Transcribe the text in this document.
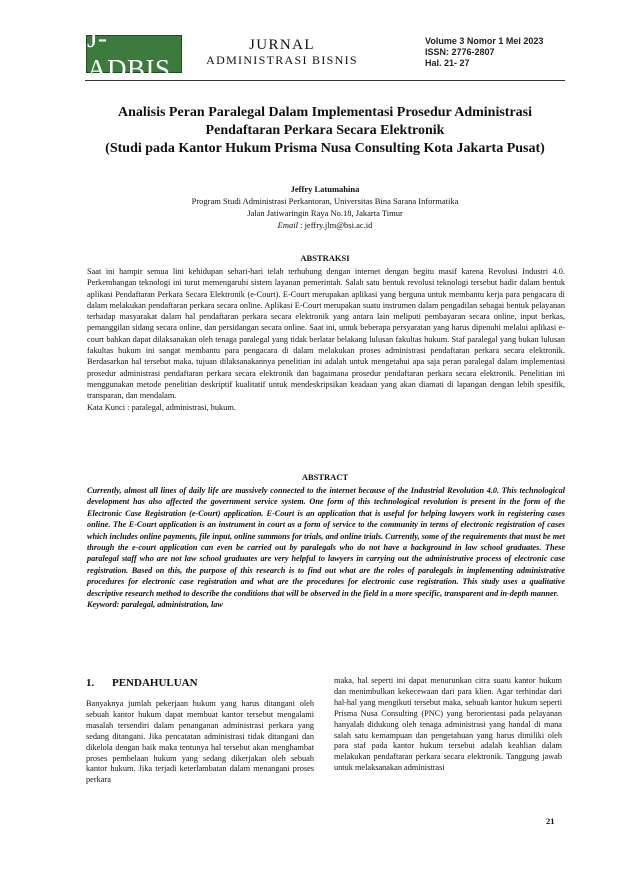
J-ADBIS
JURNAL
ADMINISTRASI BISNIS
Volume 3 Nomor 1 Mei 2023
ISSN: 2776-2807
Hal. 21- 27
Analisis Peran Paralegal Dalam Implementasi Prosedur Administrasi
Pendaftaran Perkara Secara Elektronik
(Studi pada Kantor Hukum Prisma Nusa Consulting Kota Jakarta Pusat)
Jeffry Latumahina
Program Studi Administrasi Perkantoran, Universitas Bina Sarana Informatika
Jalan Jatiwaringin Raya No.18, Jakarta Timur
Email : jeffry.jlm@bsi.ac.id
ABSTRAKSI

Saat ini hampir semua lini kehidupan sehari-hari telah terhubung dengan internet dengan begitu masif karena Revolusi Industri 4.0. Perkembangan teknologi ini turut memengaruhi sistem layanan pemerintah. Salah satu bentuk revolusi teknologi tersebut hadir dalam bentuk aplikasi Pendaftaran Perkara Secara Elektronik (e-Court). E-Court merupakan aplikasi yang berguna untuk membantu kerja para pengacara di dalam melakukan pendaftaran perkara secara online. Aplikasi E-Court merupakan suatu instrumen dalam pengadilan sebagai bentuk pelayanan terhadap masyarakat dalam hal pendaftaran perkara secara elektronik yang antara lain meliputi pembayaran secara online, input berkas, pemanggilan sidang secara online, dan persidangan secara online. Saat ini, untuk beberapa persyaratan yang harus dipenuhi melalui aplikasi e-court bahkan dapat dilaksanakan oleh tenaga paralegal yang tidak berlatar belakang lulusan fakultas hukum. Staf paralegal yang bukan lulusan fakultas hukum ini sangat membantu para pengacara di dalam melakukan proses administrasi pendaftaran perkara secara elektronik. Berdasarkan hal tersebut maka, tujuan dilaksanakannya penelitian ini adalah untuk mengetahui apa saja peran paralegal dalam implementasi prosedur administrasi pendaftaran perkara secara elektronik dan bagaimana prosedur pendaftaran perkara secara elektronik. Penelitian ini menggunakan metode penelitian deskriptif kualitatif untuk mendeskripsikan keadaan yang akan diamati di lapangan dengan lebih spesifik, transparan, dan mendalam.

Kata Kunci : paralegal, administrasi, hukum.

ABSTRACT

Currently, almost all lines of daily life are massively connected to the internet because of the Industrial Revolution 4.0. This technological development has also affected the government service system. One form of this technological revolution is present in the form of the Electronic Case Registration (e-Court) application. E-Court is an application that is useful for helping lawyers work in registering cases online. The E-Court application is an instrument in court as a form of service to the community in terms of electronic registration of cases which includes online payments, file input, online summons for trials, and online trials. Currently, some of the requirements that must be met through the e-court application can even be carried out by paralegals who do not have a background in law school graduates. These paralegal staff who are not law school graduates are very helpful to lawyers in carrying out the administrative process of electronic case registration. Based on this, the purpose of this research is to find out what are the roles of paralegals in implementing administrative procedures for electronic case registration and what are the procedures for electronic case registration. This study uses a qualitative descriptive research method to describe the conditions that will be observed in the field in a more specific, transparent and in-depth manner.

Keyword: paralegal, administration, law

1. PENDAHULUAN
Banyaknya jumlah pekerjaan hukum yang harus ditangani oleh sebuah kantor hukum dapat membuat kantor tersebut mengalami masalah tersendiri dalam penanganan administrasi perkara yang sedang ditangani. Jika pencatatan administrasi tidak ditangani dan dikelola dengan baik maka tentunya hal tersebut akan menghambat proses pembelaan hukum yang sedang dikerjakan oleh sebuah kantor hukum. Jika terjadi keterlambatan dalam menangani proses perkara
maka, hal seperti ini dapat menurunkan citra suatu kantor hukum dan menimbulkan kekecewaan dari para klien. Agar terhindar dari hal-hal yang mengikuti tersebut maka, sebuah kantor hukum seperti Prisma Nusa Consulting (PNC) yang berorientasi pada pelayanan hanyalah didukung oleh tenaga administrasi yang handal di mana salah satu kemampuan dan pengetahuan yang harus dimiliki oleh para staf pada kantor hukum tersebut adalah keahlian dalam melakukan pendaftaran perkara secara elektronik. Tanggung jawab untuk melaksanakan administrasi
21
